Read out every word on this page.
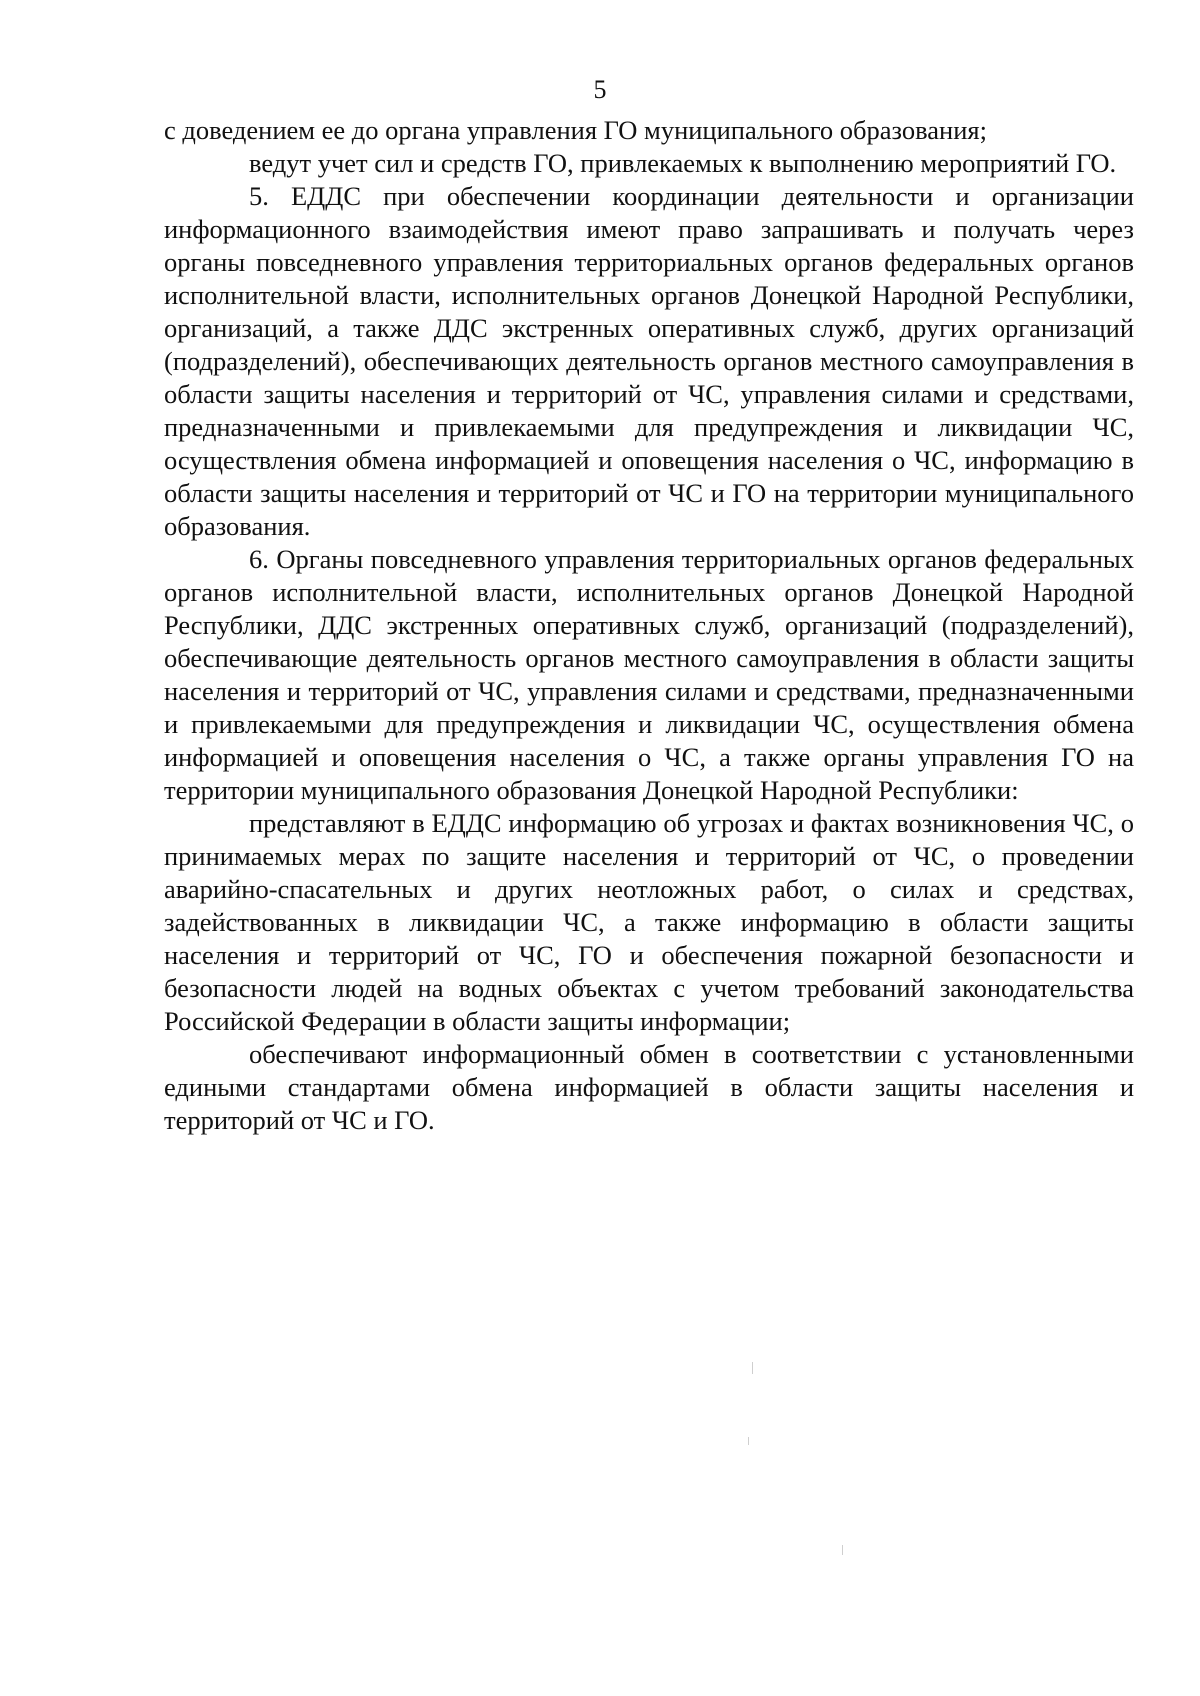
5

с доведением ее до органа управления ГО муниципального образования;

ведут учет сил и средств ГО, привлекаемых к выполнению мероприятий ГО.

5. ЕДДС при обеспечении координации деятельности и организации информационного взаимодействия имеют право запрашивать и получать через органы повседневного управления территориальных органов федеральных органов исполнительной власти, исполнительных органов Донецкой Народной Республики, организаций, а также ДДС экстренных оперативных служб, других организаций (подразделений), обеспечивающих деятельность органов местного самоуправления в области защиты населения и территорий от ЧС, управления силами и средствами, предназначенными и привлекаемыми для предупреждения и ликвидации ЧС, осуществления обмена информацией и оповещения населения о ЧС, информацию в области защиты населения и территорий от ЧС и ГО на территории муниципального образования.

6. Органы повседневного управления территориальных органов федеральных органов исполнительной власти, исполнительных органов Донецкой Народной Республики, ДДС экстренных оперативных служб, организаций (подразделений), обеспечивающие деятельность органов местного самоуправления в области защиты населения и территорий от ЧС, управления силами и средствами, предназначенными и привлекаемыми для предупреждения и ликвидации ЧС, осуществления обмена информацией и оповещения населения о ЧС, а также органы управления ГО на территории муниципального образования Донецкой Народной Республики:

представляют в ЕДДС информацию об угрозах и фактах возникновения ЧС, о принимаемых мерах по защите населения и территорий от ЧС, о проведении аварийно-спасательных и других неотложных работ, о силах и средствах, задействованных в ликвидации ЧС, а также информацию в области защиты населения и территорий от ЧС, ГО и обеспечения пожарной безопасности и безопасности людей на водных объектах с учетом требований законодательства Российской Федерации в области защиты информации;

обеспечивают информационный обмен в соответствии с установленными едиными стандартами обмена информацией в области защиты населения и территорий от ЧС и ГО.
